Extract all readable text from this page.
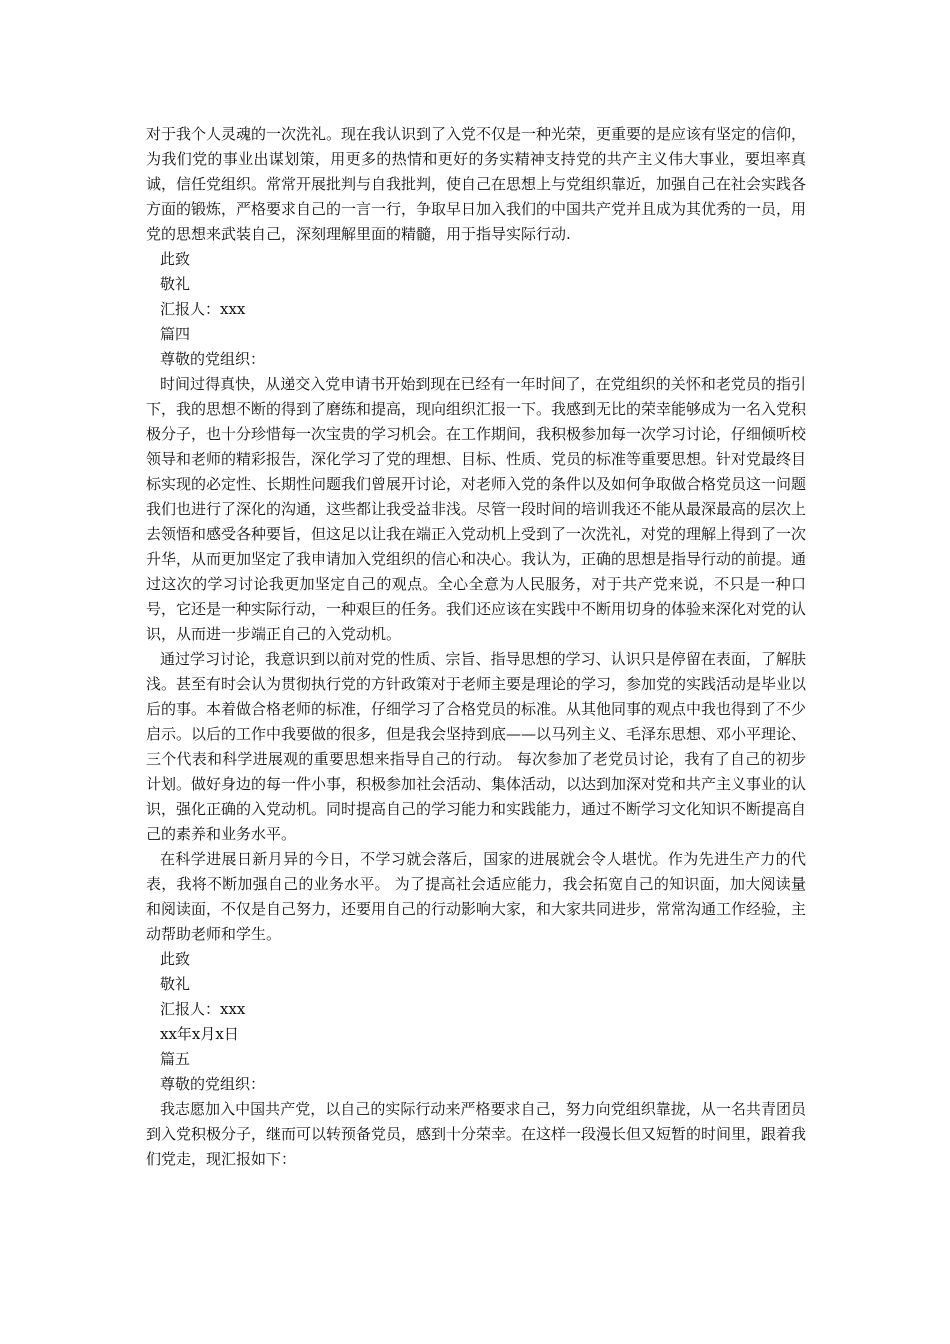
对于我个人灵魂的一次洗礼。现在我认识到了入党不仅是一种光荣，更重要的是应该有坚定的信仰，为我们党的事业出谋划策，用更多的热情和更好的务实精神支持党的共产主义伟大事业，要坦率真诚，信任党组织。常常开展批判与自我批判，使自己在思想上与党组织靠近，加强自己在社会实践各方面的锻炼，严格要求自己的一言一行，争取早日加入我们的中国共产党并且成为其优秀的一员，用党的思想来武装自己，深刻理解里面的精髓，用于指导实际行动.

此致

敬礼

汇报人：xxx

篇四

尊敬的党组织：

时间过得真快，从递交入党申请书开始到现在已经有一年时间了，在党组织的关怀和老党员的指引下，我的思想不断的得到了磨练和提高，现向组织汇报一下。我感到无比的荣幸能够成为一名入党积极分子，也十分珍惜每一次宝贵的学习机会。在工作期间，我积极参加每一次学习讨论，仔细倾听校领导和老师的精彩报告，深化学习了党的理想、目标、性质、党员的标准等重要思想。针对党最终目标实现的必定性、长期性问题我们曾展开讨论，对老师入党的条件以及如何争取做合格党员这一问题我们也进行了深化的沟通，这些都让我受益非浅。尽管一段时间的培训我还不能从最深最高的层次上去领悟和感受各种要旨，但这足以让我在端正入党动机上受到了一次洗礼，对党的理解上得到了一次升华，从而更加坚定了我申请加入党组织的信心和决心。我认为，正确的思想是指导行动的前提。通过这次的学习讨论我更加坚定自己的观点。全心全意为人民服务，对于共产党来说，不只是一种口号，它还是一种实际行动，一种艰巨的任务。我们还应该在实践中不断用切身的体验来深化对党的认识，从而进一步端正自己的入党动机。

通过学习讨论，我意识到以前对党的性质、宗旨、指导思想的学习、认识只是停留在表面，了解肤浅。甚至有时会认为贯彻执行党的方针政策对于老师主要是理论的学习，参加党的实践活动是毕业以后的事。本着做合格老师的标准，仔细学习了合格党员的标准。从其他同事的观点中我也得到了不少启示。以后的工作中我要做的很多，但是我会坚持到底——以马列主义、毛泽东思想、邓小平理论、三个代表和科学进展观的重要思想来指导自己的行动。 每次参加了老党员讨论，我有了自己的初步计划。做好身边的每一件小事，积极参加社会活动、集体活动，以达到加深对党和共产主义事业的认识，强化正确的入党动机。同时提高自己的学习能力和实践能力，通过不断学习文化知识不断提高自己的素养和业务水平。

在科学进展日新月异的今日，不学习就会落后，国家的进展就会令人堪忧。作为先进生产力的代表，我将不断加强自己的业务水平。 为了提高社会适应能力，我会拓宽自己的知识面，加大阅读量和阅读面，不仅是自己努力，还要用自己的行动影响大家，和大家共同进步，常常沟通工作经验，主动帮助老师和学生。

此致

敬礼

汇报人：xxx

xx年x月x日

篇五

尊敬的党组织：

我志愿加入中国共产党，以自己的实际行动来严格要求自己，努力向党组织靠拢，从一名共青团员到入党积极分子，继而可以转预备党员，感到十分荣幸。在这样一段漫长但又短暂的时间里，跟着我们党走，现汇报如下：
